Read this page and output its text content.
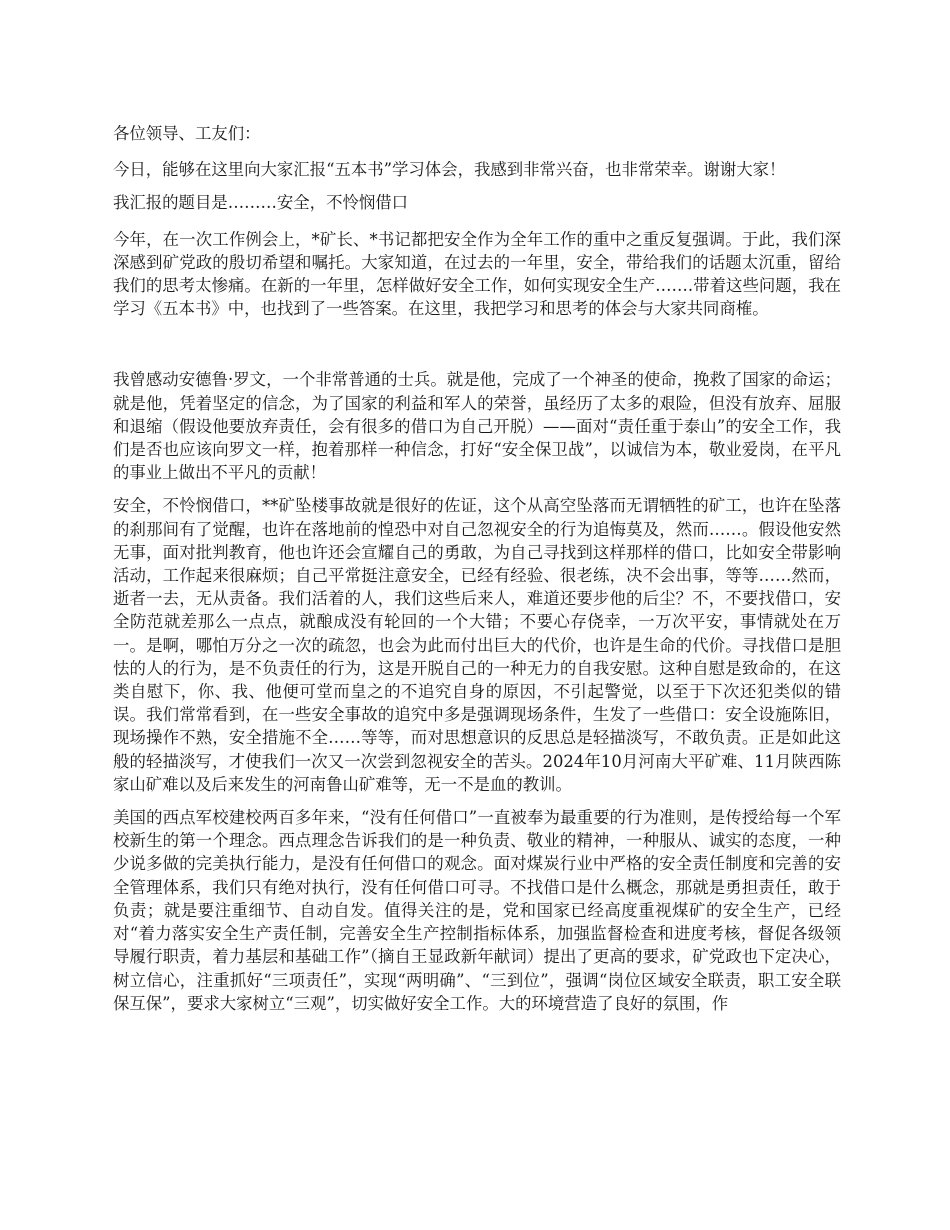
各位领导、工友们：

今日，能够在这里向大家汇报“五本书”学习体会，我感到非常兴奋，也非常荣幸。谢谢大家！

我汇报的题目是………安全，不怜悯借口

今年，在一次工作例会上，*矿长、*书记都把安全作为全年工作的重中之重反复强调。于此，我们深深感到矿党政的殷切希望和嘱托。大家知道，在过去的一年里，安全，带给我们的话题太沉重，留给我们的思考太惨痛。在新的一年里，怎样做好安全工作，如何实现安全生产…….带着这些问题，我在学习《五本书》中，也找到了一些答案。在这里，我把学习和思考的体会与大家共同商榷。

我曾感动安德鲁·罗文，一个非常普通的士兵。就是他，完成了一个神圣的使命，挽救了国家的命运；就是他，凭着坚定的信念，为了国家的利益和军人的荣誉，虽经历了太多的艰险，但没有放弃、屈服和退缩（假设他要放弃责任，会有很多的借口为自己开脱）——面对“责任重于泰山”的安全工作，我们是否也应该向罗文一样，抱着那样一种信念，打好“安全保卫战”，以诚信为本，敬业爱岗，在平凡的事业上做出不平凡的贡献！

安全，不怜悯借口，**矿坠楼事故就是很好的佐证，这个从高空坠落而无谓牺牲的矿工，也许在坠落的刹那间有了觉醒，也许在落地前的惶恐中对自己忽视安全的行为追悔莫及，然而……。假设他安然无事，面对批判教育，他也许还会宣耀自己的勇敢，为自己寻找到这样那样的借口，比如安全带影响活动，工作起来很麻烦；自己平常挺注意安全，已经有经验、很老练，决不会出事，等等……然而，逝者一去，无从责备。我们活着的人，我们这些后来人，难道还要步他的后尘？不，不要找借口，安全防范就差那么一点点，就酿成没有轮回的一个大错；不要心存侥幸，一万次平安，事情就处在万一。是啊，哪怕万分之一次的疏忽，也会为此而付出巨大的代价，也许是生命的代价。寻找借口是胆怯的人的行为，是不负责任的行为，这是开脱自己的一种无力的自我安慰。这种自慰是致命的，在这类自慰下，你、我、他便可堂而皇之的不追究自身的原因，不引起警觉，以至于下次还犯类似的错误。我们常常看到，在一些安全事故的追究中多是强调现场条件，生发了一些借口：安全设施陈旧，现场操作不熟，安全措施不全……等等，而对思想意识的反思总是轻描淡写，不敢负责。正是如此这般的轻描淡写，才使我们一次又一次尝到忽视安全的苦头。2024年10月河南大平矿难、11月陕西陈家山矿难以及后来发生的河南鲁山矿难等，无一不是血的教训。

美国的西点军校建校两百多年来，“没有任何借口”一直被奉为最重要的行为准则，是传授给每一个军校新生的第一个理念。西点理念告诉我们的是一种负责、敬业的精神，一种服从、诚实的态度，一种少说多做的完美执行能力，是没有任何借口的观念。面对煤炭行业中严格的安全责任制度和完善的安全管理体系，我们只有绝对执行，没有任何借口可寻。不找借口是什么概念，那就是勇担责任，敢于负责；就是要注重细节、自动自发。值得关注的是，党和国家已经高度重视煤矿的安全生产，已经对“着力落实安全生产责任制，完善安全生产控制指标体系，加强监督检查和进度考核，督促各级领导履行职责，着力基层和基础工作”（摘自王显政新年献词）提出了更高的要求，矿党政也下定决心，树立信心，注重抓好“三项责任”，实现“两明确”、“三到位”，强调“岗位区域安全联责，职工安全联保互保”，要求大家树立“三观”，切实做好安全工作。大的环境营造了良好的氛围，作
